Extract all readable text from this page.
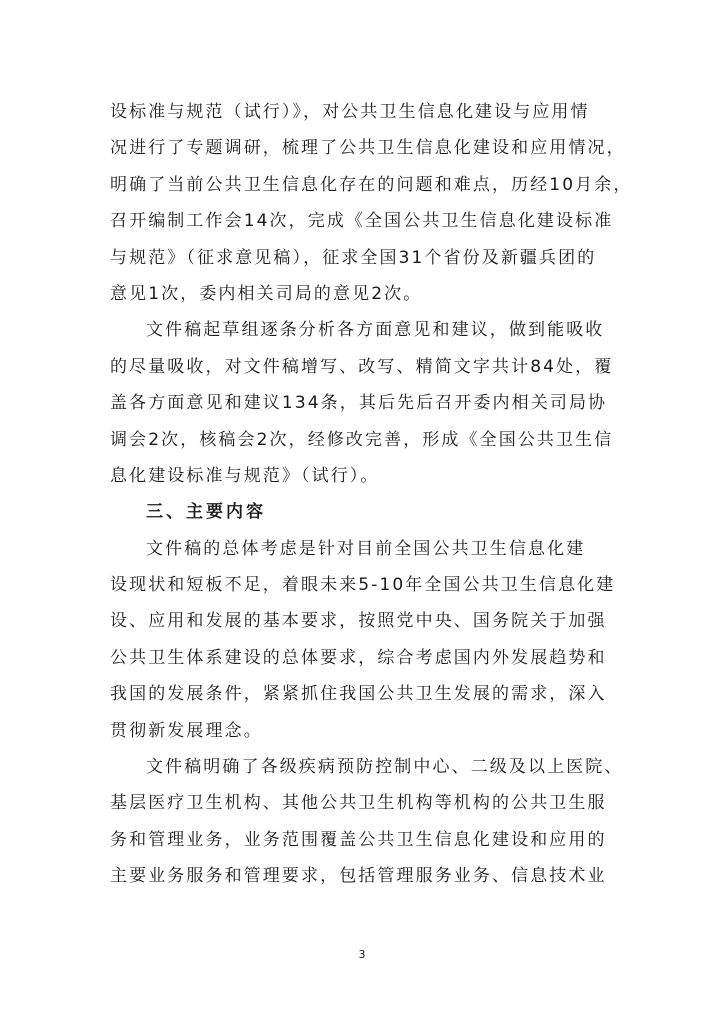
设标准与规范（试行）》，对公共卫生信息化建设与应用情
况进行了专题调研，梳理了公共卫生信息化建设和应用情况，
明确了当前公共卫生信息化存在的问题和难点，历经10月余，
召开编制工作会14次，完成《全国公共卫生信息化建设标准
与规范》（征求意见稿），征求全国31个省份及新疆兵团的
意见1次，委内相关司局的意见2次。
文件稿起草组逐条分析各方面意见和建议，做到能吸收
的尽量吸收，对文件稿增写、改写、精简文字共计84处，覆
盖各方面意见和建议134条，其后先后召开委内相关司局协
调会2次，核稿会2次，经修改完善，形成《全国公共卫生信
息化建设标准与规范》（试行）。
三、主要内容
文件稿的总体考虑是针对目前全国公共卫生信息化建
设现状和短板不足，着眼未来5-10年全国公共卫生信息化建
设、应用和发展的基本要求，按照党中央、国务院关于加强
公共卫生体系建设的总体要求，综合考虑国内外发展趋势和
我国的发展条件，紧紧抓住我国公共卫生发展的需求，深入
贯彻新发展理念。
文件稿明确了各级疾病预防控制中心、二级及以上医院、
基层医疗卫生机构、其他公共卫生机构等机构的公共卫生服
务和管理业务，业务范围覆盖公共卫生信息化建设和应用的
主要业务服务和管理要求，包括管理服务业务、信息技术业
3
